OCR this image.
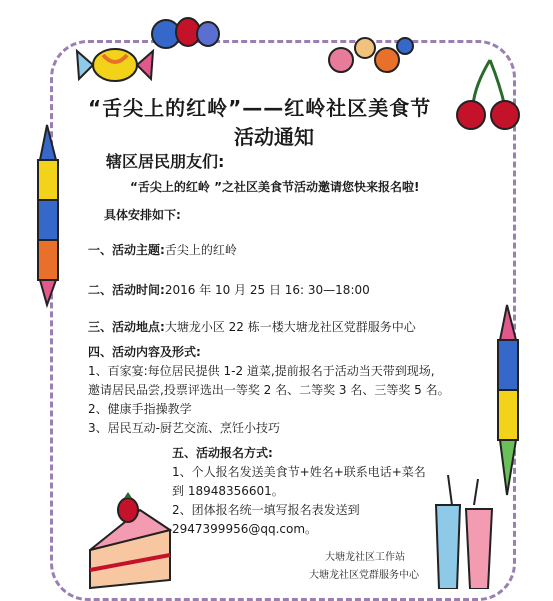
“舌尖上的红岭”——红岭社区美食节
活动通知
辖区居民朋友们:
“舌尖上的红岭 ”之社区美食节活动邀请您快来报名啦!
具体安排如下:
一、活动主题:舌尖上的红岭
二、活动时间:2016 年 10 月 25 日 16: 30—18:00
三、活动地点:大塘龙小区 22 栋一楼大塘龙社区党群服务中心
四、活动内容及形式:
1、百家宴:每位居民提供 1-2 道菜,提前报名于活动当天带到现场,
邀请居民品尝,投票评选出一等奖 2 名、二等奖 3 名、三等奖 5 名。
2、健康手指操教学
3、居民互动-厨艺交流、烹饪小技巧
五、活动报名方式:
1、个人报名发送美食节+姓名+联系电话+菜名
到 18948356601。
2、团体报名统一填写报名表发送到
2947399956@qq.com。
大塘龙社区工作站
大塘龙社区党群服务中心
